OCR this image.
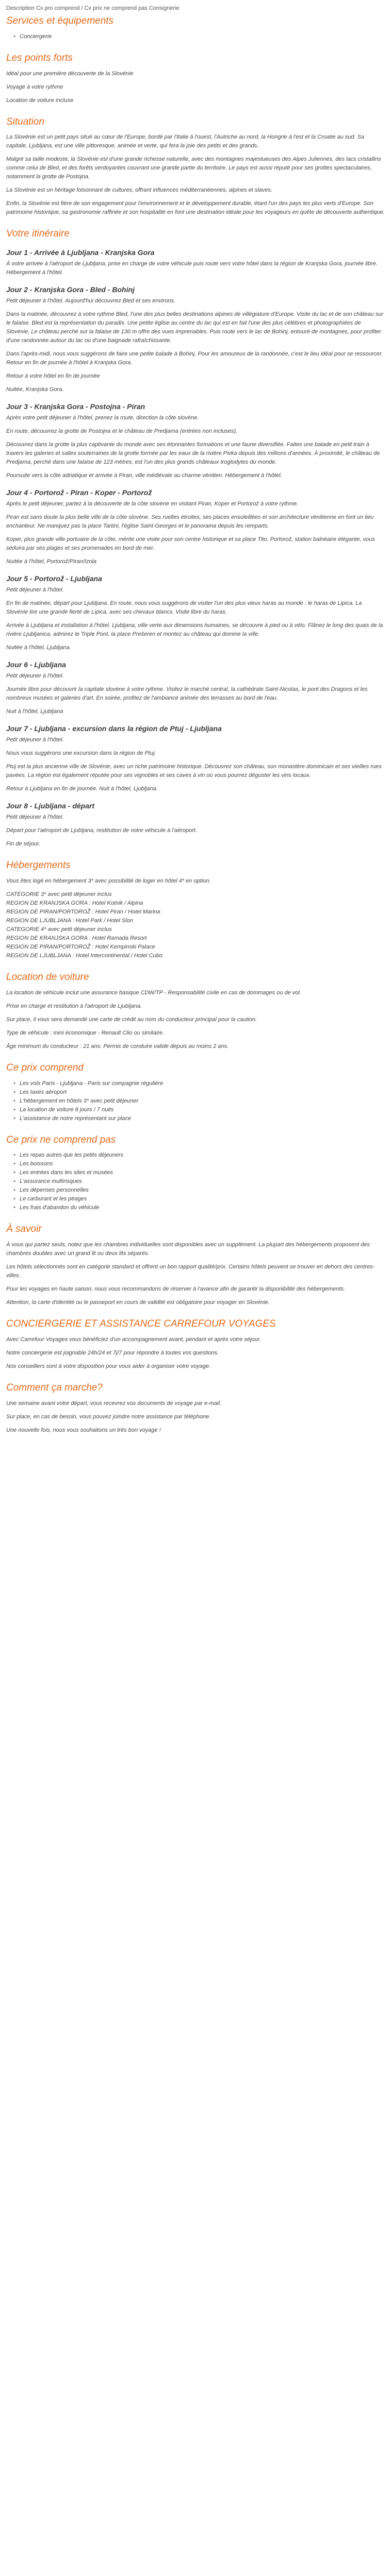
Description Cx pro comprend / Cx prix ne comprend pas Consignerie
Services et équipements
• Conciergerie
Les points forts

Idéal pour une première découverte de la Slovénie

Voyage à votre rythme

Location de voiture incluse

Situation

La Slovénie est un petit pays situé au cœur de l'Europe, bordé par l'Italie à l'ouest, l'Autriche au nord, la Hongrie à l'est et la Croatie au sud. Sa capitale, Ljubljana, est une ville pittoresque, animée et verte, qui fera la joie des petits et des grands.

Malgré sa taille modeste, la Slovénie est d'une grande richesse naturelle, avec des montagnes majestueuses des Alpes Juliennes, des lacs cristallins comme celui de Bled, et des forêts verdoyantes couvrant une grande partie du territoire. Le pays est aussi réputé pour ses grottes spectaculaires, notamment la grotte de Postojna.

La Slovénie est un héritage foisonnant de cultures, offrant influences méditerranéennes, alpines et slaves.

Enfin, la Slovénie est fière de son engagement pour l'environnement et le développement durable, étant l'un des pays les plus verts d'Europe. Son patrimoine historique, sa gastronomie raffinée et son hospitalité en font une destination idéale pour les voyageurs en quête de découverte authentique.

Votre itinéraire
Jour 1 - Arrivée à Ljubljana - Kranjska Gora

À votre arrivée à l'aéroport de Ljubljana, prise en charge de votre véhicule puis route vers votre hôtel dans la région de Kranjska Gora, journée libre. Hébergement à l'hôtel.

Jour 2 - Kranjska Gora - Bled - Bohinj

Petit déjeuner à l'hôtel. Aujourd'hui découvrez Bled et ses environs.

Dans la matinée, découvrez à votre rythme Bled, l'une des plus belles destinations alpines de villégiature d'Europe. Visite du lac et de son château sur le falaise. Bled est la représentation du paradis. Une petite église au centre du lac qui est en fait l'une des plus célèbres et photographiées de Slovénie. Le château perché sur la falaise de 130 m offre des vues imprenables. Puis route vers le lac de Bohinj, entouré de montagnes, pour profiter d'une randonnée autour du lac ou d'une baignade rafraîchissante.

Dans l'après-midi, nous vous suggérons de faire une petite balade à Bohinj. Pour les amoureux de la randonnée, c'est le lieu idéal pour se ressourcer. Retour en fin de journée à l'hôtel à Kranjska Gora.

Retour à votre hôtel en fin de journée

Nuitée, Kranjska Gora.

Jour 3 - Kranjska Gora - Postojna - Piran

Après votre petit déjeuner à l'hôtel, prenez la route, direction la côte slovène.

En route, découvrez la grotte de Postojna et le château de Predjama (entrées non incluses).

Découvrez dans la grotte la plus captivante du monde avec ses étonnantes formations et une faune diversifiée. Faites une balade en petit train à travers les galeries et salles souterraines de la grotte formée par les eaux de la rivière Pivka depuis des millions d'années. À proximité, le château de Predjama, perché dans une falaise de 123 mètres, est l'un des plus grands châteaux troglodytes du monde.

Poursuite vers la côte adriatique et arrivée à Piran, ville médiévale au charme vénitien. Hébergement à l'hôtel.

Jour 4 - Portorož - Piran - Koper - Portorož

Après le petit déjeuner, partez à la découverte de la côte slovène en visitant Piran, Koper et Portorož à votre rythme.

Piran est sans doute la plus belle ville de la côte slovène. Ses ruelles étroites, ses places ensoleillées et son architecture vénitienne en font un lieu enchanteur. Ne manquez pas la place Tartini, l'église Saint-Georges et le panorama depuis les remparts.

Koper, plus grande ville portuaire de la côte, mérite une visite pour son centre historique et sa place Tito. Portorož, station balnéaire élégante, vous séduira par ses plages et ses promenades en bord de mer.

Nuitée à l'hôtel, Portorož/Piran/Izola

Jour 5 - Portorož - Ljubljana

Petit déjeuner à l'hôtel.

En fin de matinée, départ pour Ljubljana. En route, nous vous suggérons de visiter l'un des plus vieux haras au monde : le haras de Lipica. La Slovénie tire une grande fierté de Lipica, avec ses chevaux blancs. Visite libre du haras.

Arrivée à Ljubljana et installation à l'hôtel. Ljubljana, ville verte aux dimensions humaines, se découvre à pied ou à vélo. Flânez le long des quais de la rivière Ljubljanica, admirez le Triple Pont, la place Prešeren et montez au château qui domine la ville.

Nuitée à l'hôtel, Ljubljana.

Jour 6 - Ljubljana

Petit déjeuner à l'hôtel.

Journée libre pour découvrir la capitale slovène à votre rythme. Visitez le marché central, la cathédrale Saint-Nicolas, le pont des Dragons et les nombreux musées et galeries d'art. En soirée, profitez de l'ambiance animée des terrasses au bord de l'eau.

Nuit à l'hôtel, Ljubljana

Jour 7 - Ljubljana - excursion dans la région de Ptuj - Ljubljana

Petit déjeuner à l'hôtel.

Nous vous suggérons une excursion dans la région de Ptuj.

Ptuj est la plus ancienne ville de Slovénie, avec un riche patrimoine historique. Découvrez son château, son monastère dominicain et ses vieilles rues pavées. La région est également réputée pour ses vignobles et ses caves à vin où vous pourrez déguster les vins locaux.

Retour à Ljubljana en fin de journée. Nuit à l'hôtel, Ljubljana.

Jour 8 - Ljubljana - départ

Petit déjeuner à l'hôtel.

Départ pour l'aéroport de Ljubljana, restitution de votre véhicule à l'aéroport.

Fin de séjour.

Hébergements

Vous êtes logé en hébergement 3* avec possibilité de loger en hôtel 4* en option.

CATEGORIE 3* avec petit déjeuner inclus
REGION DE KRANJSKA GORA : Hotel Kotnik / Alpina
REGION DE PIRAN/PORTOROŽ : Hotel Piran / Hotel Marina
REGION DE LJUBLJANA : Hotel Park / Hotel Slon
CATEGORIE 4* avec petit déjeuner inclus
REGION DE KRANJSKA GORA : Hotel Ramada Resort
REGION DE PIRAN/PORTOROŽ : Hotel Kempinski Palace
REGION DE LJUBLJANA : Hotel Intercontinental / Hotel Cubo
Location de voiture

La location de véhicule inclut une assurance basique CDW/TP - Responsabilité civile en cas de dommages ou de vol.

Prise en charge et restitution à l'aéroport de Ljubljana.

Sur place, il vous sera demandé une carte de crédit au nom du conducteur principal pour la caution.

Type de véhicule : mini économique - Renault Clio ou similaire.

Âge minimum du conducteur : 21 ans. Permis de conduire valide depuis au moins 2 ans.

Ce prix comprend
• Les vols Paris - Ljubljana - Paris sur compagnie régulière
• Les taxes aéroport
• L'hébergement en hôtels 3* avec petit déjeuner
• La location de voiture 8 jours / 7 nuits
• L'assistance de notre représentant sur place
Ce prix ne comprend pas
• Les repas autres que les petits déjeuners
• Les boissons
• Les entrées dans les sites et musées
• L'assurance multirisques
• Les dépenses personnelles
• Le carburant et les péages
• Les frais d'abandon du véhicule
À savoir

À vous qui partez seuls, notez que les chambres individuelles sont disponibles avec un supplément. La plupart des hébergements proposent des chambres doubles avec un grand lit ou deux lits séparés.

Les hôtels sélectionnés sont en catégorie standard et offrent un bon rapport qualité/prix. Certains hôtels peuvent se trouver en dehors des centres-villes.

Pour les voyages en haute saison, nous vous recommandons de réserver à l'avance afin de garantir la disponibilité des hébergements.

Attention, la carte d'identité ou le passeport en cours de validité est obligatoire pour voyager en Slovénie.

CONCIERGERIE ET ASSISTANCE CARREFOUR VOYAGES

Avec Carrefour Voyages vous bénéficiez d'un accompagnement avant, pendant et après votre séjour.

Notre conciergerie est joignable 24h/24 et 7j/7 pour répondre à toutes vos questions.

Nos conseillers sont à votre disposition pour vous aider à organiser votre voyage.

Comment ça marche?

Une semaine avant votre départ, vous recevrez vos documents de voyage par e-mail.

Sur place, en cas de besoin, vous pouvez joindre notre assistance par téléphone.

Une nouvelle fois, nous vous souhaitons un très bon voyage !
